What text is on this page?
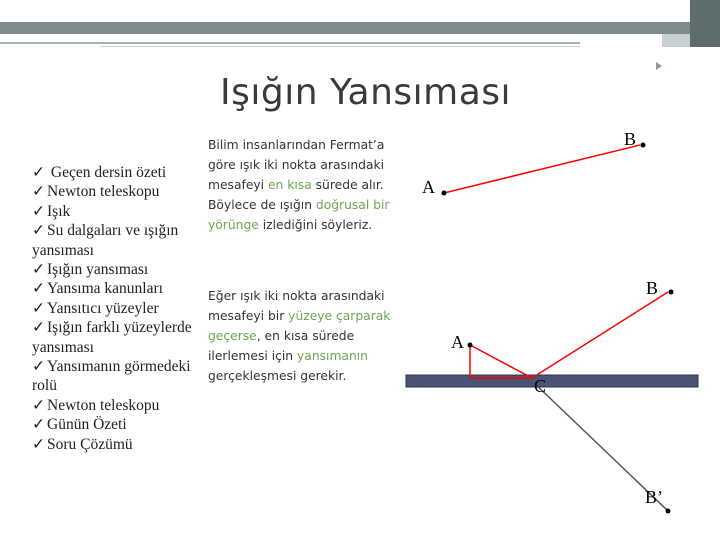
Işığın Yansıması
✓ Geçen dersin özeti
✓ Newton teleskopu
✓ Işık
✓ Su dalgaları ve ışığın yansıması
✓ Işığın yansıması
✓ Yansıma kanunları
✓ Yansıtıcı yüzeyler
✓ Işığın farklı yüzeylerde yansıması
✓ Yansımanın görmedeki rolü
✓ Newton teleskopu
✓ Günün Özeti
✓ Soru Çözümü

Bilim insanlarından Fermat’a göre ışık iki nokta arasındaki mesafeyi en kısa sürede alır. Böylece de ışığın doğrusal bir yörünge izlediğini söyleriz.

Eğer ışık iki nokta arasındaki mesafeyi bir yüzeye çarparak geçerse, en kısa sürede ilerlemesi için yansımanın gerçekleşmesi gerekir.

A
B
A
B
C
B’
